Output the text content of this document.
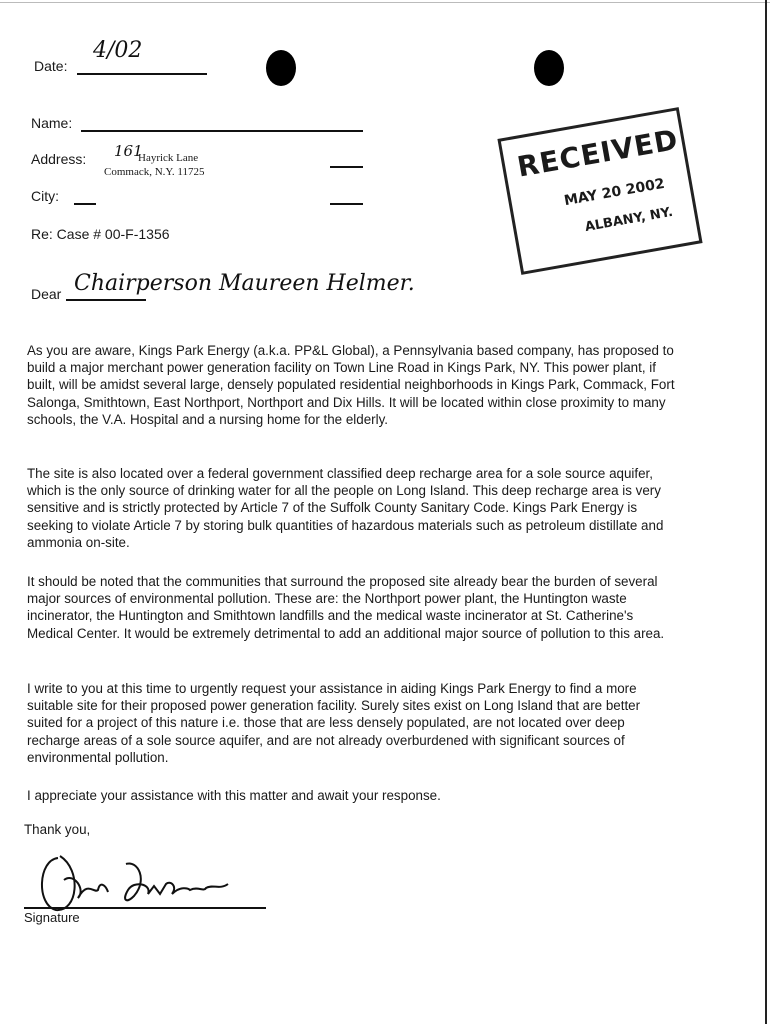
Date:
4/02
Name:
Address: 161
Hayrick Lane
Commack, N.Y. 11725
City:
Re: Case # 00-F-1356
RECEIVED
MAY 20 2002
ALBANY, NY.
Dear Chairperson Maureen Helmer.
As you are aware, Kings Park Energy (a.k.a. PP&L Global), a Pennsylvania based company, has proposed to build a major merchant power generation facility on Town Line Road in Kings Park, NY. This power plant, if built, will be amidst several large, densely populated residential neighborhoods in Kings Park, Commack, Fort Salonga, Smithtown, East Northport, Northport and Dix Hills. It will be located within close proximity to many schools, the V.A. Hospital and a nursing home for the elderly.
The site is also located over a federal government classified deep recharge area for a sole source aquifer, which is the only source of drinking water for all the people on Long Island. This deep recharge area is very sensitive and is strictly protected by Article 7 of the Suffolk County Sanitary Code. Kings Park Energy is seeking to violate Article 7 by storing bulk quantities of hazardous materials such as petroleum distillate and ammonia on-site.
It should be noted that the communities that surround the proposed site already bear the burden of several major sources of environmental pollution. These are: the Northport power plant, the Huntington waste incinerator, the Huntington and Smithtown landfills and the medical waste incinerator at St. Catherine's Medical Center. It would be extremely detrimental to add an additional major source of pollution to this area.
I write to you at this time to urgently request your assistance in aiding Kings Park Energy to find a more suitable site for their proposed power generation facility. Surely sites exist on Long Island that are better suited for a project of this nature i.e. those that are less densely populated, are not located over deep recharge areas of a sole source aquifer, and are not already overburdened with significant sources of environmental pollution.
I appreciate your assistance with this matter and await your response.
Thank you,
Signature
